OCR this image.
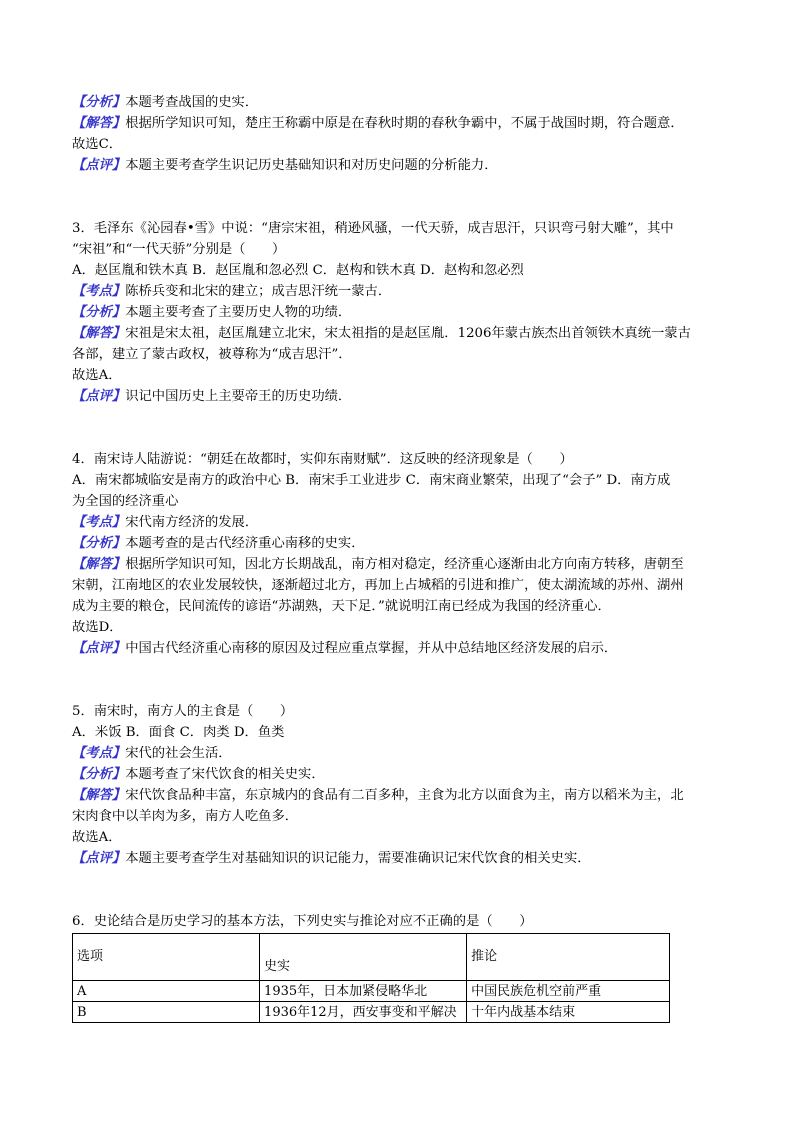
【分析】本题考查战国的史实．
【解答】根据所学知识可知，楚庄王称霸中原是在春秋时期的春秋争霸中，不属于战国时期，符合题意．
故选C．
【点评】本题主要考查学生识记历史基础知识和对历史问题的分析能力．
3．毛泽东《沁园春•雪》中说：“唐宗宋祖，稍逊风骚，一代天骄，成吉思汗，只识弯弓射大雕”，其中
“宋祖”和“一代天骄”分别是（　　）
A．赵匡胤和铁木真 B．赵匡胤和忽必烈 C．赵构和铁木真 D．赵构和忽必烈
【考点】陈桥兵变和北宋的建立；成吉思汗统一蒙古．
【分析】本题主要考查了主要历史人物的功绩．
【解答】宋祖是宋太祖，赵匡胤建立北宋，宋太祖指的是赵匡胤．1206年蒙古族杰出首领铁木真统一蒙古
各部，建立了蒙古政权，被尊称为“成吉思汗”．
故选A．
【点评】识记中国历史上主要帝王的历史功绩．
4．南宋诗人陆游说：“朝廷在故都时，实仰东南财赋”．这反映的经济现象是（　　）
A．南宋都城临安是南方的政治中心 B．南宋手工业进步 C．南宋商业繁荣，出现了“会子” D．南方成
为全国的经济重心
【考点】宋代南方经济的发展．
【分析】本题考查的是古代经济重心南移的史实．
【解答】根据所学知识可知，因北方长期战乱，南方相对稳定，经济重心逐渐由北方向南方转移，唐朝至
宋朝，江南地区的农业发展较快，逐渐超过北方，再加上占城稻的引进和推广，使太湖流域的苏州、湖州
成为主要的粮仓，民间流传的谚语“苏湖熟，天下足．”就说明江南已经成为我国的经济重心．
故选D．
【点评】中国古代经济重心南移的原因及过程应重点掌握，并从中总结地区经济发展的启示．
5．南宋时，南方人的主食是（　　）
A．米饭 B．面食 C．肉类 D．鱼类
【考点】宋代的社会生活．
【分析】本题考查了宋代饮食的相关史实．
【解答】宋代饮食品种丰富，东京城内的食品有二百多种，主食为北方以面食为主，南方以稻米为主，北
宋肉食中以羊肉为多，南方人吃鱼多．
故选A．
【点评】本题主要考查学生对基础知识的识记能力，需要准确识记宋代饮食的相关史实．
6．史论结合是历史学习的基本方法，下列史实与推论对应不正确的是（　　）
选项	史实	推论
A	1935年，日本加紧侵略华北	中国民族危机空前严重
B	1936年12月，西安事变和平解决	十年内战基本结束
